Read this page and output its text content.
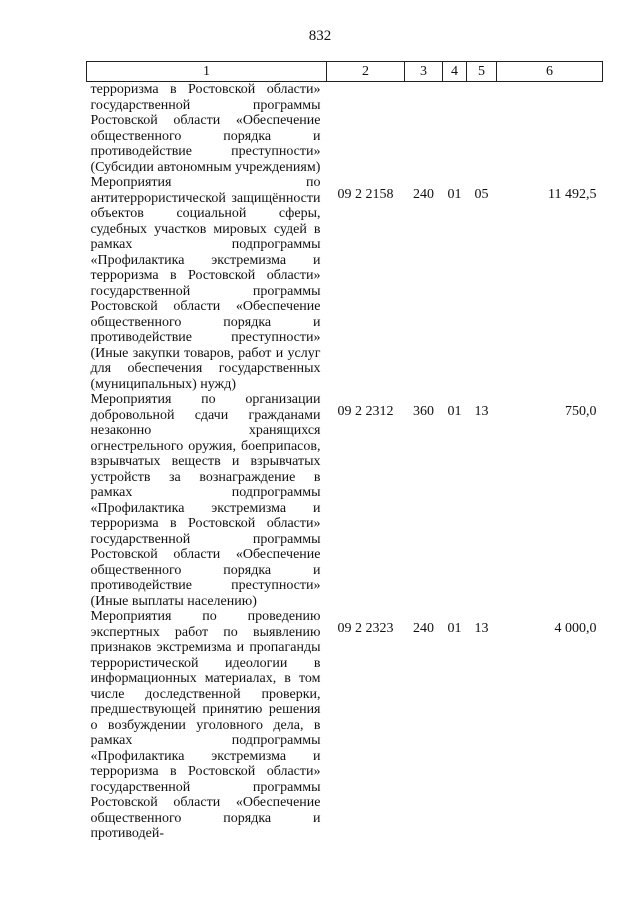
832
1	2	3	4	5	6
терроризма в Ростовской области» государственной программы Ростовской области «Обеспечение общественного порядка и противодействие преступности» (Субсидии автономным учреждениям)					
Мероприятия по антитеррористической защищённости объектов социальной сферы, судебных участков мировых судей в рамках подпрограммы «Профилактика экстремизма и терроризма в Ростовской области» государственной программы Ростовской области «Обеспечение общественного порядка и противодействие преступности» (Иные закупки товаров, работ и услуг для обеспечения государственных (муниципальных) нужд)	09 2 2158	240	01	05	11 492,5
Мероприятия по организации добровольной сдачи гражданами незаконно хранящихся огнестрельного оружия, боеприпасов, взрывчатых веществ и взрывчатых устройств за вознаграждение в рамках подпрограммы «Профилактика экстремизма и терроризма в Ростовской области» государственной программы Ростовской области «Обеспечение общественного порядка и противодействие преступности» (Иные выплаты населению)	09 2 2312	360	01	13	750,0
Мероприятия по проведению экспертных работ по выявлению признаков экстремизма и пропаганды террористической идеологии в информационных материалах, в том числе доследственной проверки, предшествующей принятию решения о возбуждении уголовного дела, в рамках подпрограммы «Профилактика экстремизма и терроризма в Ростовской области» государственной программы Ростовской области «Обеспечение общественного порядка и противодей-	09 2 2323	240	01	13	4 000,0
